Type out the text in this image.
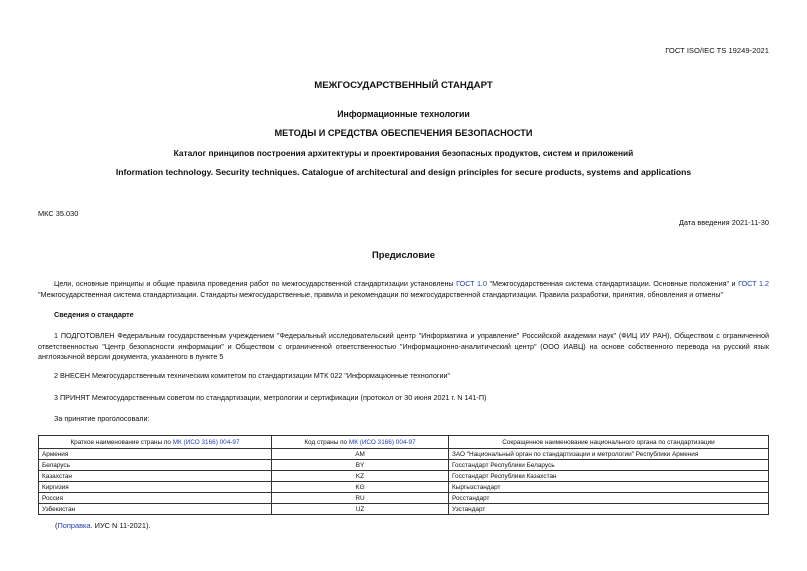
ГОСТ ISO/IEC TS 19249-2021
МЕЖГОСУДАРСТВЕННЫЙ СТАНДАРТ
Информационные технологии
МЕТОДЫ И СРЕДСТВА ОБЕСПЕЧЕНИЯ БЕЗОПАСНОСТИ
Каталог принципов построения архитектуры и проектирования безопасных продуктов, систем и приложений
Information technology. Security techniques. Catalogue of architectural and design principles for secure products, systems and applications
МКС 35.030
Дата введения 2021-11-30
Предисловие
Цели, основные принципы и общие правила проведения работ по межгосударственной стандартизации установлены ГОСТ 1.0 "Межгосударственная система стандартизации. Основные положения" и ГОСТ 1.2 "Межгосударственная система стандартизации. Стандарты межгосударственные, правила и рекомендации по межгосударственной стандартизации. Правила разработки, принятия, обновления и отмены"
Сведения о стандарте
1 ПОДГОТОВЛЕН Федеральным государственным учреждением "Федеральный исследовательский центр "Информатика и управление" Российской академии наук" (ФИЦ ИУ РАН), Обществом с ограниченной ответственностью "Центр безопасности информации" и Обществом с ограниченной ответственностью "Информационно-аналитический центр" (ООО ИАВЦ) на основе собственного перевода на русский язык англоязычной версии документа, указанного в пункте 5
2 ВНЕСЕН Межгосударственным техническим комитетом по стандартизации МТК 022 "Информационные технологии"
3 ПРИНЯТ Межгосударственным советом по стандартизации, метрологии и сертификации (протокол от 30 июня 2021 г. N 141-П)
За принятие проголосовали:
Краткое наименование страны по МК (ИСО 3166) 004-97	Код страны по МК (ИСО 3166) 004-97	Сокращенное наименование национального органа по стандартизации
Армения	AM	ЗАО "Национальный орган по стандартизации и метрологии" Республики Армения
Беларусь	BY	Госстандарт Республики Беларусь
Казахстан	KZ	Госстандарт Республики Казахстан
Киргизия	KG	Кыргызстандарт
Россия	RU	Росстандарт
Узбекистан	UZ	Узстандарт
(Поправка. ИУС N 11-2021).
